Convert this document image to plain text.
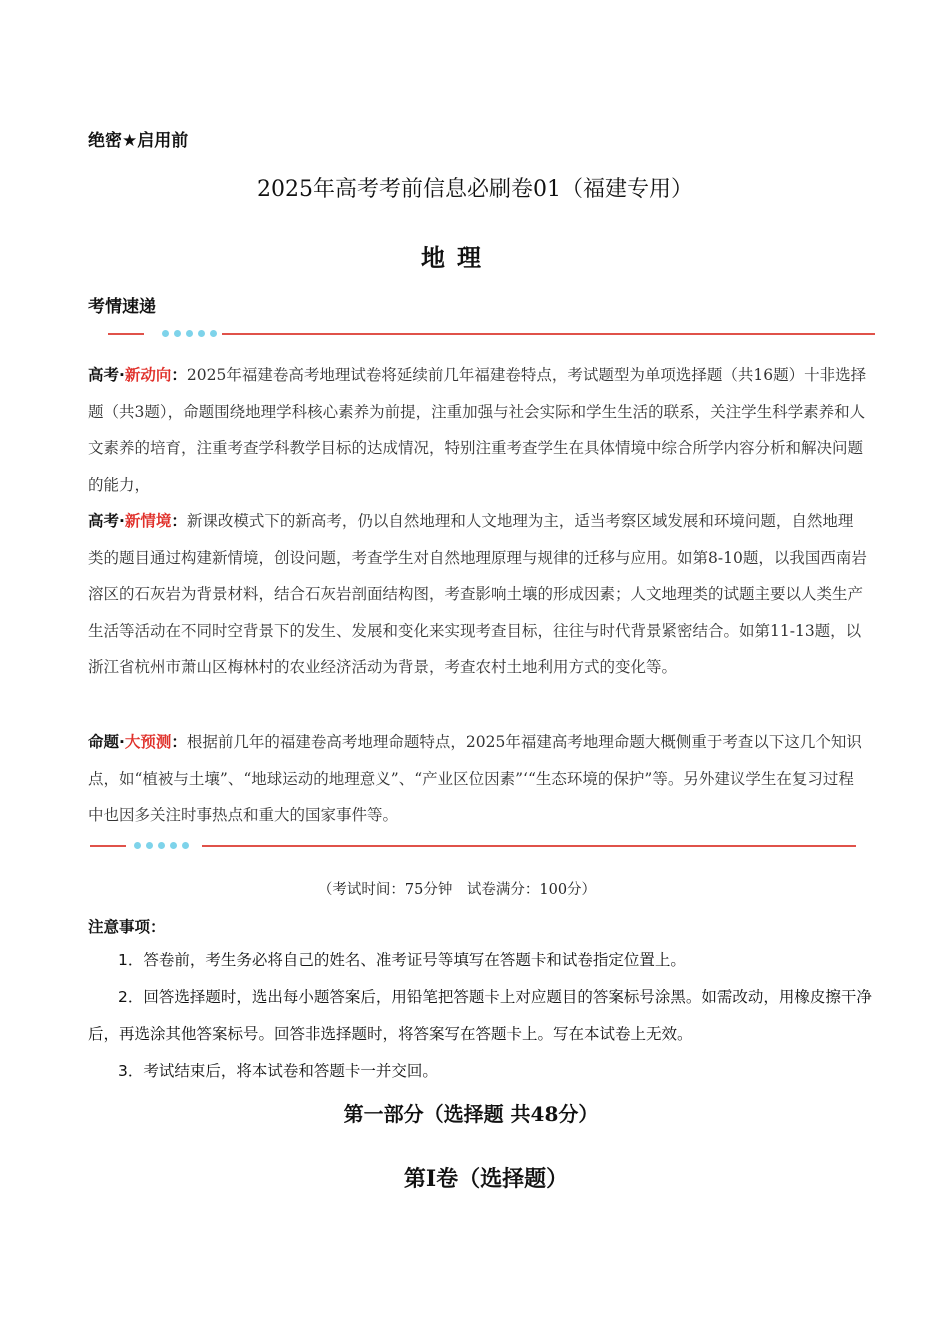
绝密★启用前
2025年高考考前信息必刷卷01（福建专用）
地理
考情速递
高考·新动向：2025年福建卷高考地理试卷将延续前几年福建卷特点，考试题型为单项选择题（共16题）十非选择题（共3题），命题围绕地理学科核心素养为前提，注重加强与社会实际和学生生活的联系，关注学生科学素养和人文素养的培育，注重考查学科教学目标的达成情况，特别注重考查学生在具体情境中综合所学内容分析和解决问题的能力，
高考·新情境：新课改模式下的新高考，仍以自然地理和人文地理为主，适当考察区域发展和环境问题，自然地理类的题目通过构建新情境，创设问题，考查学生对自然地理原理与规律的迁移与应用。如第8-10题，以我国西南岩溶区的石灰岩为背景材料，结合石灰岩剖面结构图，考查影响土壤的形成因素；人文地理类的试题主要以人类生产生活等活动在不同时空背景下的发生、发展和变化来实现考查目标，往往与时代背景紧密结合。如第11-13题，以浙江省杭州市萧山区梅林村的农业经济活动为背景，考查农村土地利用方式的变化等。
命题·大预测：根据前几年的福建卷高考地理命题特点，2025年福建高考地理命题大概侧重于考查以下这几个知识点，如“植被与土壤”、“地球运动的地理意义”、“产业区位因素”‘“生态环境的保护”等。另外建议学生在复习过程中也因多关注时事热点和重大的国家事件等。
（考试时间：75分钟　试卷满分：100分）
注意事项：
1．答卷前，考生务必将自己的姓名、准考证号等填写在答题卡和试卷指定位置上。
2．回答选择题时，选出每小题答案后，用铅笔把答题卡上对应题目的答案标号涂黑。如需改动，用橡皮擦干净后，再选涂其他答案标号。回答非选择题时，将答案写在答题卡上。写在本试卷上无效。
3．考试结束后，将本试卷和答题卡一并交回。
第一部分（选择题 共48分）
第Ⅰ卷（选择题）
